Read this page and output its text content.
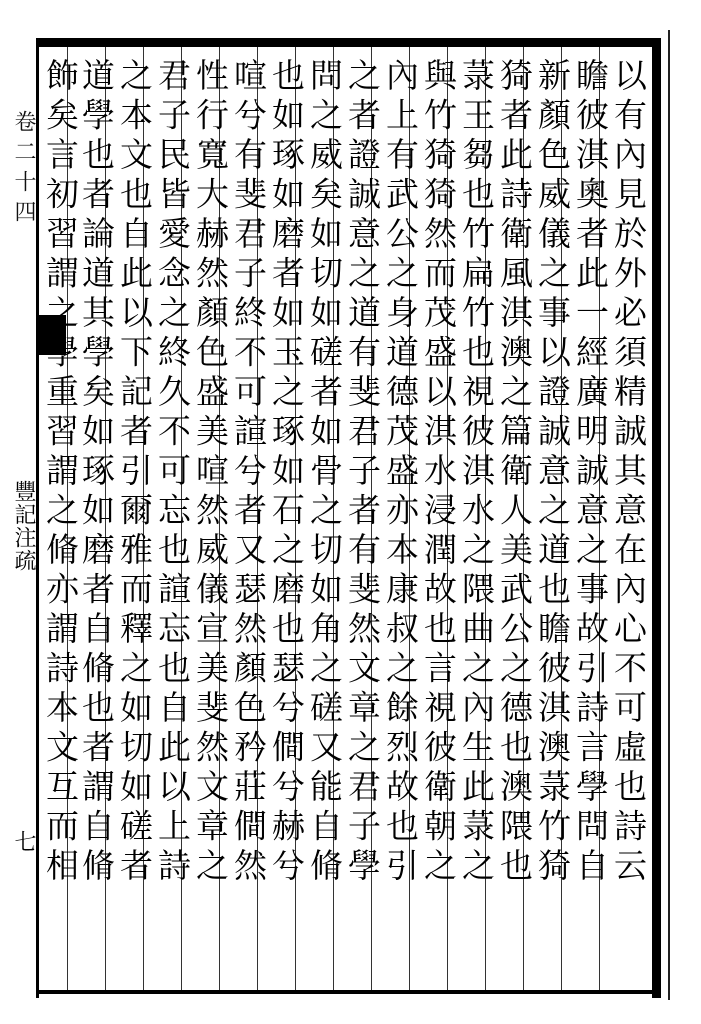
卷二十四
豐記注疏
七	以有內見於外必須精誠其意在內心不可虛也詩云
瞻彼淇奧者此一經廣明誠意之事故引詩言學問自
新顏色威儀之事以證誠意之道也瞻彼淇澳菉竹猗
猗者此詩衛風淇澳之篇衛人美武公之德也澳隈也
菉王芻也竹扁竹也視彼淇水之隈曲之內生此菉之
與竹猗猗然而茂盛以淇水浸潤故也言視彼衛朝之
內上有武公之身道德茂盛亦本康叔之餘烈故也引
之者證誠意之道有斐君子者有斐然文章之君子學
問之威矣如切如磋者如骨之切如角之磋又能自脩
也如琢如磨者如玉之琢如石之磨也瑟兮僴兮赫兮
喧兮有斐君子終不可諠兮者又瑟然顏色矜莊僴然
性行寬大赫然顏色盛美喧然威儀宣美斐然文章之
君子民皆愛念之終久不可忘也諠忘也自此以上詩
之本文也自此以下記者引爾雅而釋之如切如磋者
道學也者論道其學矣如琢如磨者自脩也者謂自脩
飾矣言初習謂之學重習謂之脩亦謂詩本文互而相
